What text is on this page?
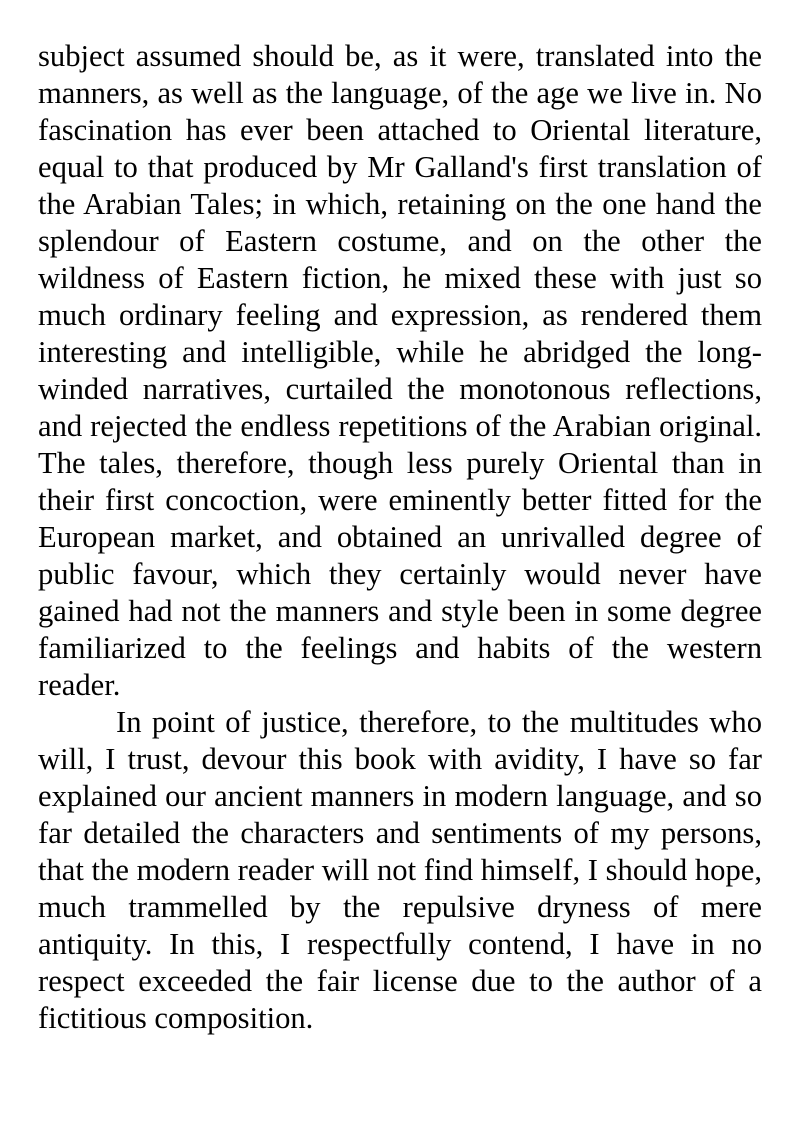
subject assumed should be, as it were, translated into the manners, as well as the language, of the age we live in. No fascination has ever been attached to Oriental literature, equal to that produced by Mr Galland's first translation of the Arabian Tales; in which, retaining on the one hand the splendour of Eastern costume, and on the other the wildness of Eastern fiction, he mixed these with just so much ordinary feeling and expression, as rendered them interesting and intelligible, while he abridged the long-winded narratives, curtailed the monotonous reflections, and rejected the endless repetitions of the Arabian original. The tales, therefore, though less purely Oriental than in their first concoction, were eminently better fitted for the European market, and obtained an unrivalled degree of public favour, which they certainly would never have gained had not the manners and style been in some degree familiarized to the feelings and habits of the western reader.

In point of justice, therefore, to the multitudes who will, I trust, devour this book with avidity, I have so far explained our ancient manners in modern language, and so far detailed the characters and sentiments of my persons, that the modern reader will not find himself, I should hope, much trammelled by the repulsive dryness of mere antiquity. In this, I respectfully contend, I have in no respect exceeded the fair license due to the author of a fictitious composition.
